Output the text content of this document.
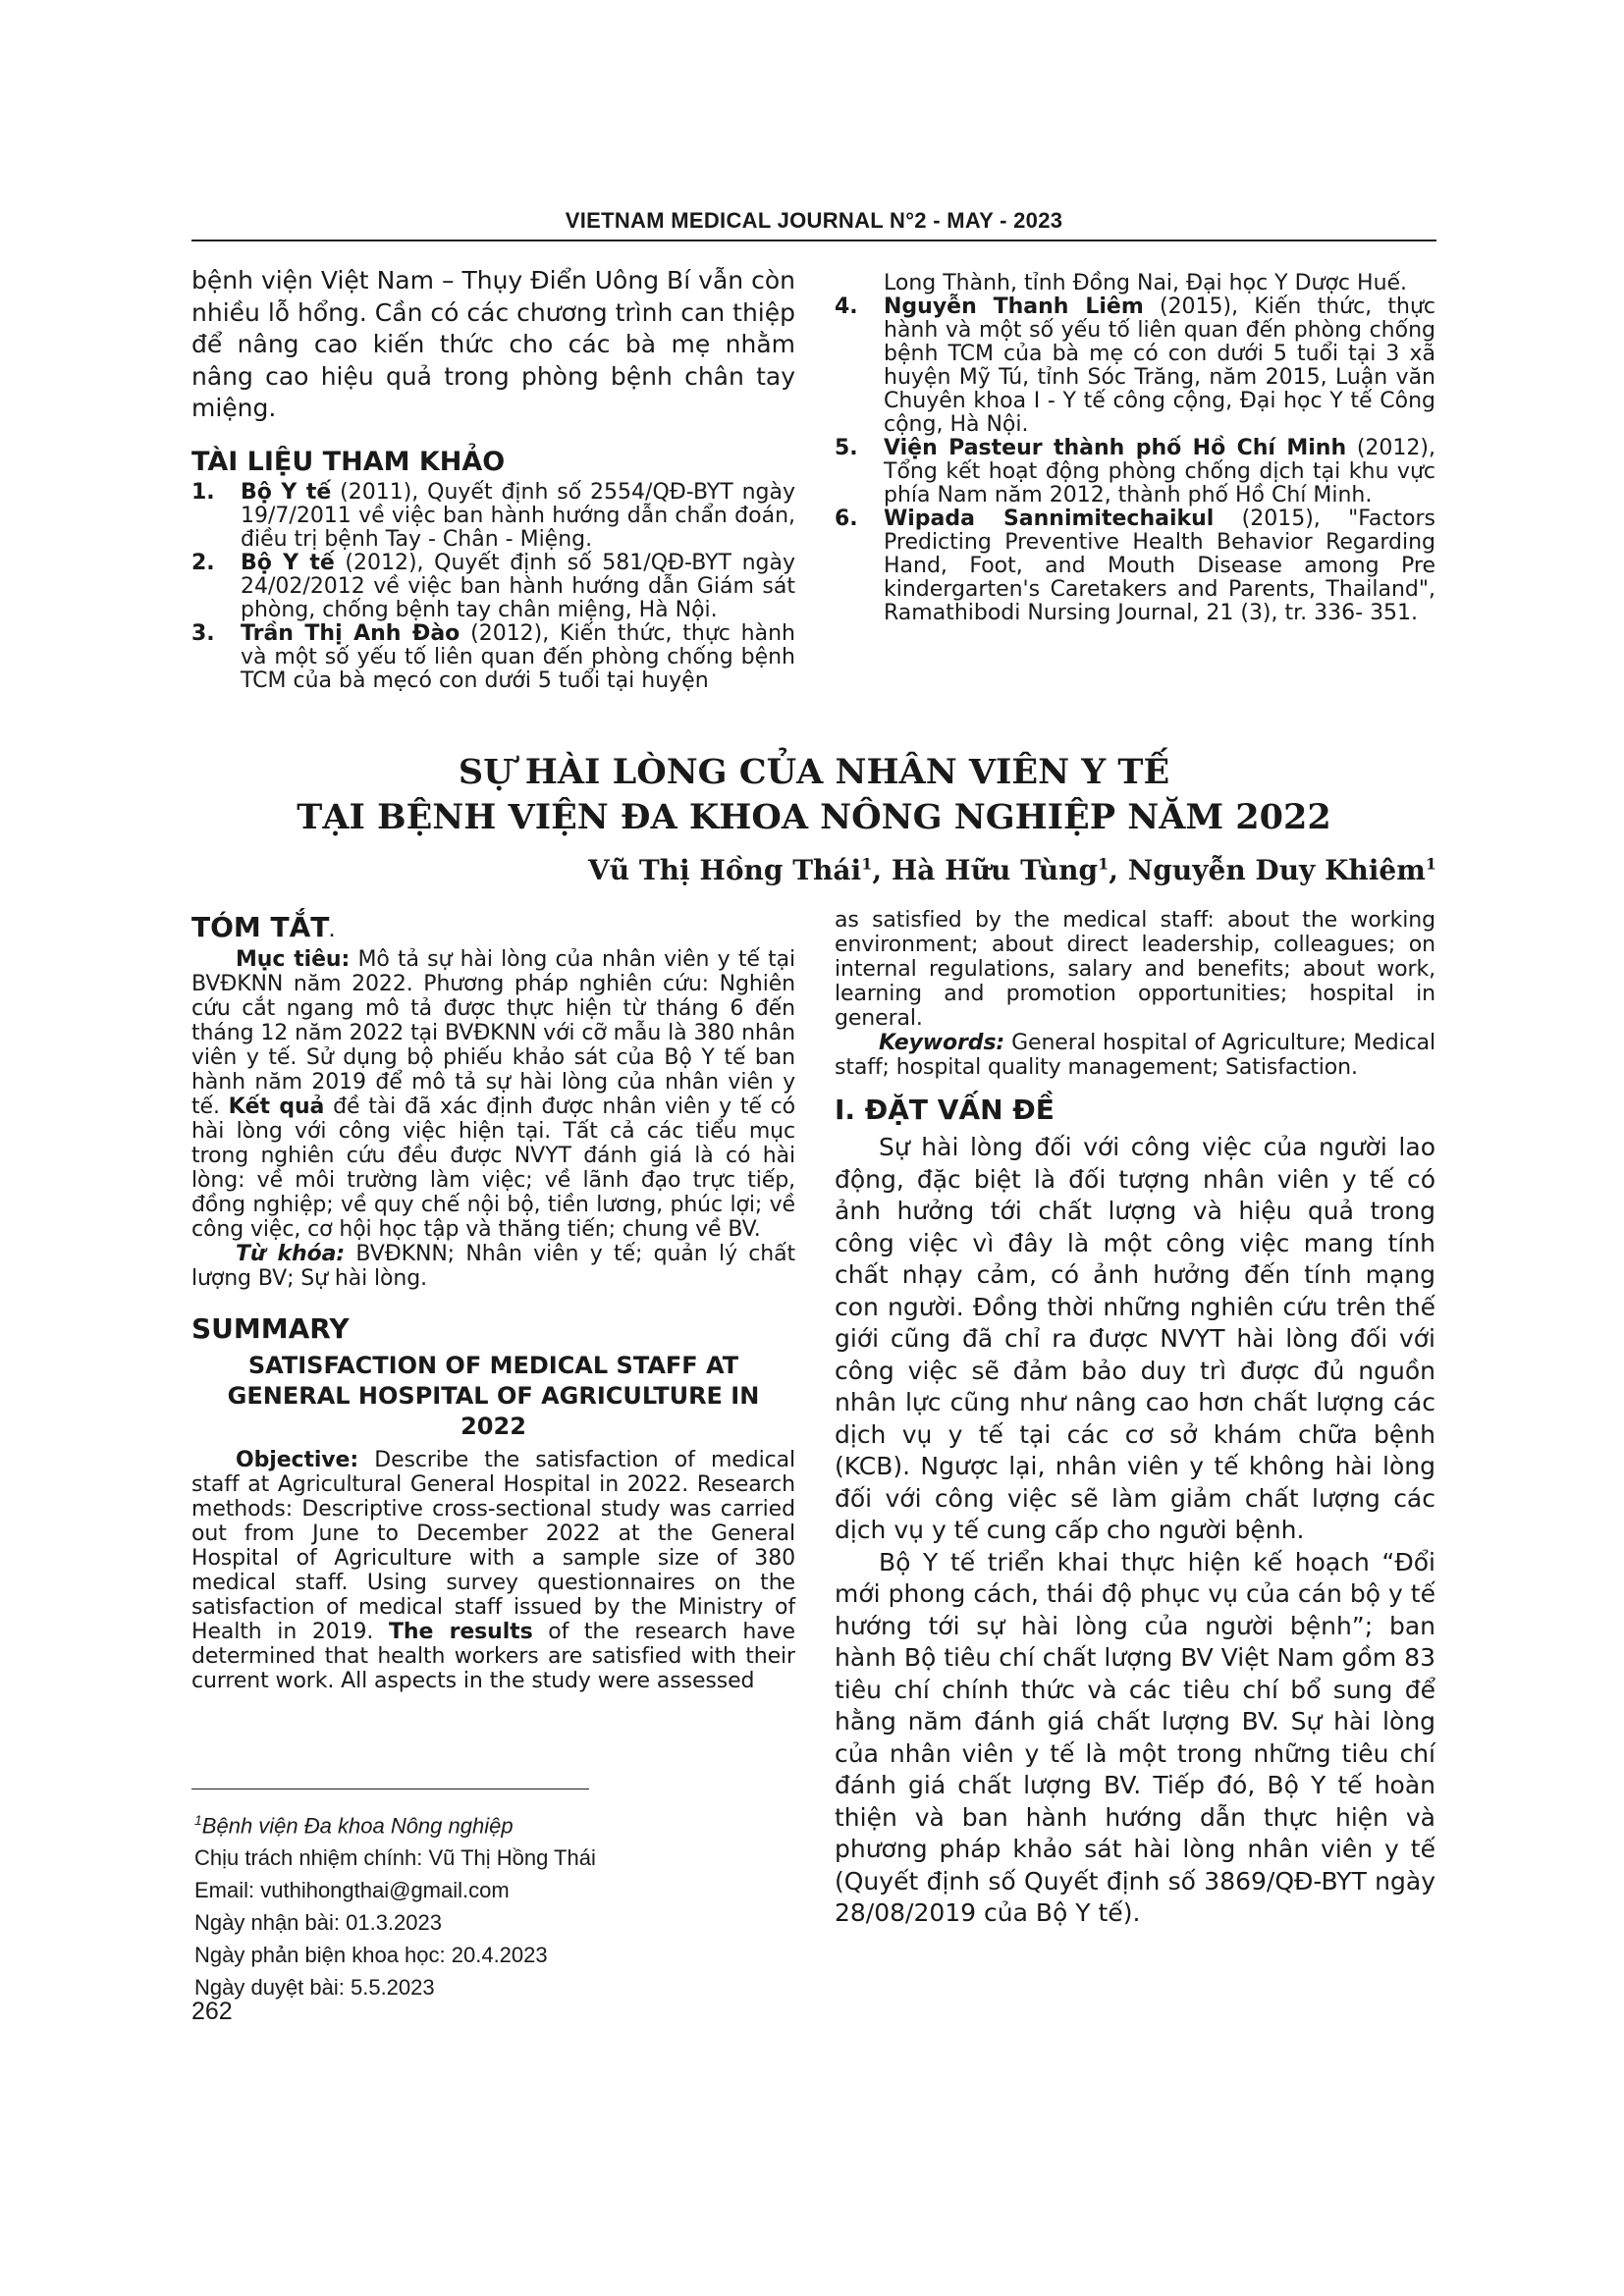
VIETNAM MEDICAL JOURNAL N°2 - MAY - 2023

bệnh viện Việt Nam – Thụy Điển Uông Bí vẫn còn nhiều lỗ hổng. Cần có các chương trình can thiệp để nâng cao kiến thức cho các bà mẹ nhằm nâng cao hiệu quả trong phòng bệnh chân tay miệng.

TÀI LIỆU THAM KHẢO

1. Bộ Y tế (2011), Quyết định số 2554/QĐ-BYT ngày 19/7/2011 về việc ban hành hướng dẫn chẩn đoán, điều trị bệnh Tay - Chân - Miệng.
2. Bộ Y tế (2012), Quyết định số 581/QĐ-BYT ngày 24/02/2012 về việc ban hành hướng dẫn Giám sát phòng, chống bệnh tay chân miệng, Hà Nội.
3. Trần Thị Anh Đào (2012), Kiến thức, thực hành và một số yếu tố liên quan đến phòng chống bệnh TCM của bà mẹcó con dưới 5 tuổi tại huyện
Long Thành, tỉnh Đồng Nai, Đại học Y Dược Huế.
4. Nguyễn Thanh Liêm (2015), Kiến thức, thực hành và một số yếu tố liên quan đến phòng chống bệnh TCM của bà mẹ có con dưới 5 tuổi tại 3 xã huyện Mỹ Tú, tỉnh Sóc Trăng, năm 2015, Luận văn Chuyên khoa I - Y tế công cộng, Đại học Y tế Công cộng, Hà Nội.
5. Viện Pasteur thành phố Hồ Chí Minh (2012), Tổng kết hoạt động phòng chống dịch tại khu vực phía Nam năm 2012, thành phố Hồ Chí Minh.
6. Wipada Sannimitechaikul (2015), "Factors Predicting Preventive Health Behavior Regarding Hand, Foot, and Mouth Disease among Pre kindergarten's Caretakers and Parents, Thailand", Ramathibodi Nursing Journal, 21 (3), tr. 336- 351.
SỰ HÀI LÒNG CỦA NHÂN VIÊN Y TẾ
TẠI BỆNH VIỆN ĐA KHOA NÔNG NGHIỆP NĂM 2022
Vũ Thị Hồng Thái$^1$, Hà Hữu Tùng$^1$, Nguyễn Duy Khiêm$^1$

TÓM TẮT.

Mục tiêu: Mô tả sự hài lòng của nhân viên y tế tại BVĐKNN năm 2022. Phương pháp nghiên cứu: Nghiên cứu cắt ngang mô tả được thực hiện từ tháng 6 đến tháng 12 năm 2022 tại BVĐKNN với cỡ mẫu là 380 nhân viên y tế. Sử dụng bộ phiếu khảo sát của Bộ Y tế ban hành năm 2019 để mô tả sự hài lòng của nhân viên y tế. Kết quả đề tài đã xác định được nhân viên y tế có hài lòng với công việc hiện tại. Tất cả các tiểu mục trong nghiên cứu đều được NVYT đánh giá là có hài lòng: về môi trường làm việc; về lãnh đạo trực tiếp, đồng nghiệp; về quy chế nội bộ, tiền lương, phúc lợi; về công việc, cơ hội học tập và thăng tiến; chung về BV.

Từ khóa: BVĐKNN; Nhân viên y tế; quản lý chất lượng BV; Sự hài lòng.

SUMMARY

SATISFACTION OF MEDICAL STAFF AT GENERAL HOSPITAL OF AGRICULTURE IN 2022

Objective: Describe the satisfaction of medical staff at Agricultural General Hospital in 2022. Research methods: Descriptive cross-sectional study was carried out from June to December 2022 at the General Hospital of Agriculture with a sample size of 380 medical staff. Using survey questionnaires on the satisfaction of medical staff issued by the Ministry of Health in 2019. The results of the research have determined that health workers are satisfied with their current work. All aspects in the study were assessed

as satisfied by the medical staff: about the working environment; about direct leadership, colleagues; on internal regulations, salary and benefits; about work, learning and promotion opportunities; hospital in general.

Keywords: General hospital of Agriculture; Medical staff; hospital quality management; Satisfaction.

I. ĐẶT VẤN ĐỀ

Sự hài lòng đối với công việc của người lao động, đặc biệt là đối tượng nhân viên y tế có ảnh hưởng tới chất lượng và hiệu quả trong công việc vì đây là một công việc mang tính chất nhạy cảm, có ảnh hưởng đến tính mạng con người. Đồng thời những nghiên cứu trên thế giới cũng đã chỉ ra được NVYT hài lòng đối với công việc sẽ đảm bảo duy trì được đủ nguồn nhân lực cũng như nâng cao hơn chất lượng các dịch vụ y tế tại các cơ sở khám chữa bệnh (KCB). Ngược lại, nhân viên y tế không hài lòng đối với công việc sẽ làm giảm chất lượng các dịch vụ y tế cung cấp cho người bệnh.

Bộ Y tế triển khai thực hiện kế hoạch “Đổi mới phong cách, thái độ phục vụ của cán bộ y tế hướng tới sự hài lòng của người bệnh”; ban hành Bộ tiêu chí chất lượng BV Việt Nam gồm 83 tiêu chí chính thức và các tiêu chí bổ sung để hằng năm đánh giá chất lượng BV. Sự hài lòng của nhân viên y tế là một trong những tiêu chí đánh giá chất lượng BV. Tiếp đó, Bộ Y tế hoàn thiện và ban hành hướng dẫn thực hiện và phương pháp khảo sát hài lòng nhân viên y tế (Quyết định số Quyết định số 3869/QĐ-BYT ngày 28/08/2019 của Bộ Y tế).

$^1$Bệnh viện Đa khoa Nông nghiệp
Chịu trách nhiệm chính: Vũ Thị Hồng Thái
Email: vuthihongthai@gmail.com
Ngày nhận bài: 01.3.2023
Ngày phản biện khoa học: 20.4.2023
Ngày duyệt bài: 5.5.2023
262
